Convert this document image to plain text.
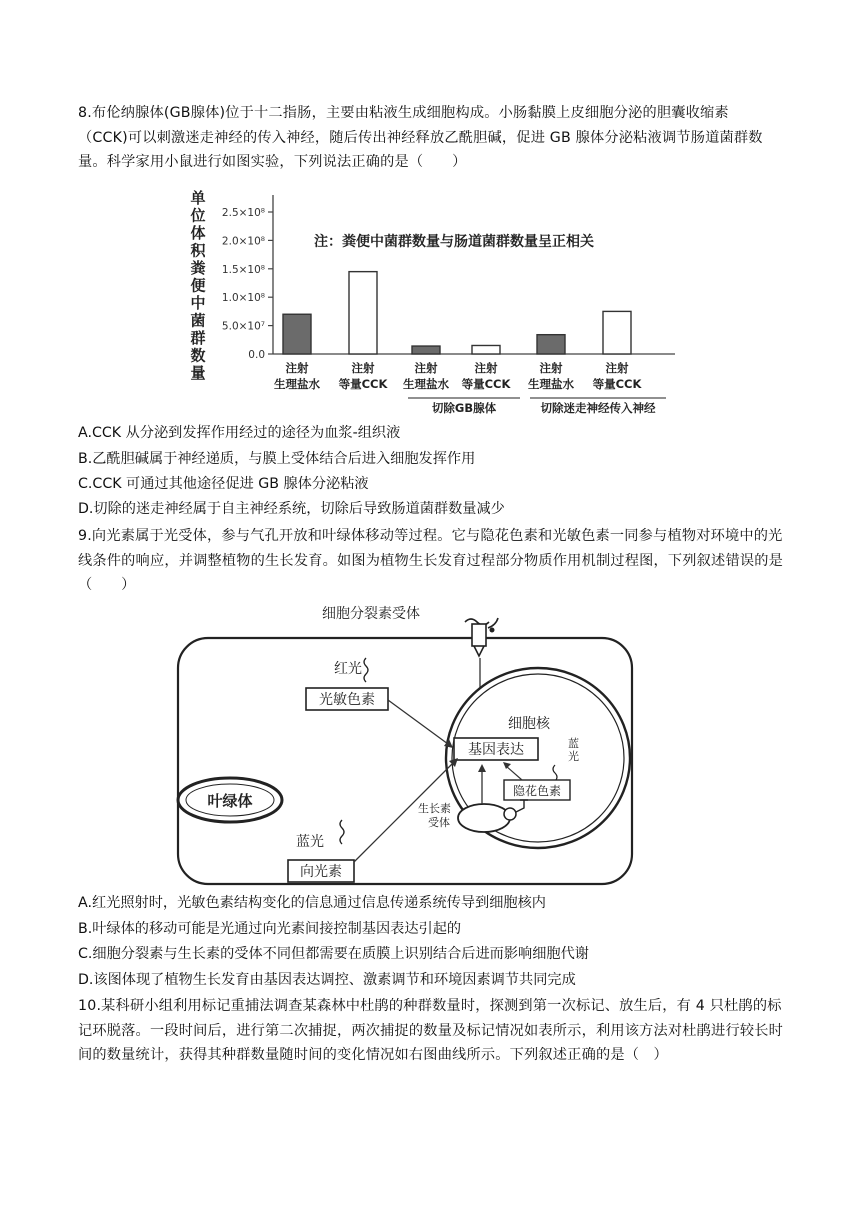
8.布伦纳腺体(GB腺体)位于十二指肠，主要由粘液生成细胞构成。小肠黏膜上皮细胞分泌的胆囊收缩素 （CCK)可以刺激迷走神经的传入神经，随后传出神经释放乙酰胆碱，促进 GB 腺体分泌粘液调节肠道菌群数量。科学家用小鼠进行如图实验，下列说法正确的是（　　）
单
位
体
积
粪
便
中
菌
群
数
量
0.0
5.0×10⁷
1.0×10⁸
1.5×10⁸
2.0×10⁸
2.5×10⁸
注：粪便中菌群数量与肠道菌群数量呈正相关
注射
生理盐水
注射
等量CCK
注射
生理盐水
注射
等量CCK
注射
生理盐水
注射
等量CCK
切除GB腺体	切除迷走神经传入神经
A.CCK 从分泌到发挥作用经过的途径为血浆-组织液
B.乙酰胆碱属于神经递质，与膜上受体结合后进入细胞发挥作用
C.CCK 可通过其他途径促进 GB 腺体分泌粘液
D.切除的迷走神经属于自主神经系统，切除后导致肠道菌群数量减少
9.向光素属于光受体，参与气孔开放和叶绿体移动等过程。它与隐花色素和光敏色素一同参与植物对环境中的光线条件的响应，并调整植物的生长发育。如图为植物生长发育过程部分物质作用机制过程图，下列叙述错误的是（　　）
细胞分裂素受体
红光
光敏色素
细胞核
基因表达	蓝光
隐花色素
生长素
受体
叶绿体
蓝光
向光素
A.红光照射时，光敏色素结构变化的信息通过信息传递系统传导到细胞核内
B.叶绿体的移动可能是光通过向光素间接控制基因表达引起的
C.细胞分裂素与生长素的受体不同但都需要在质膜上识别结合后进而影响细胞代谢
D.该图体现了植物生长发育由基因表达调控、激素调节和环境因素调节共同完成
10.某科研小组利用标记重捕法调查某森林中杜鹃的种群数量时，探测到第一次标记、放生后，有 4 只杜鹃的标记环脱落。一段时间后，进行第二次捕捉，两次捕捉的数量及标记情况如表所示，利用该方法对杜鹃进行较长时间的数量统计，获得其种群数量随时间的变化情况如右图曲线所示。下列叙述正确的是（　）
